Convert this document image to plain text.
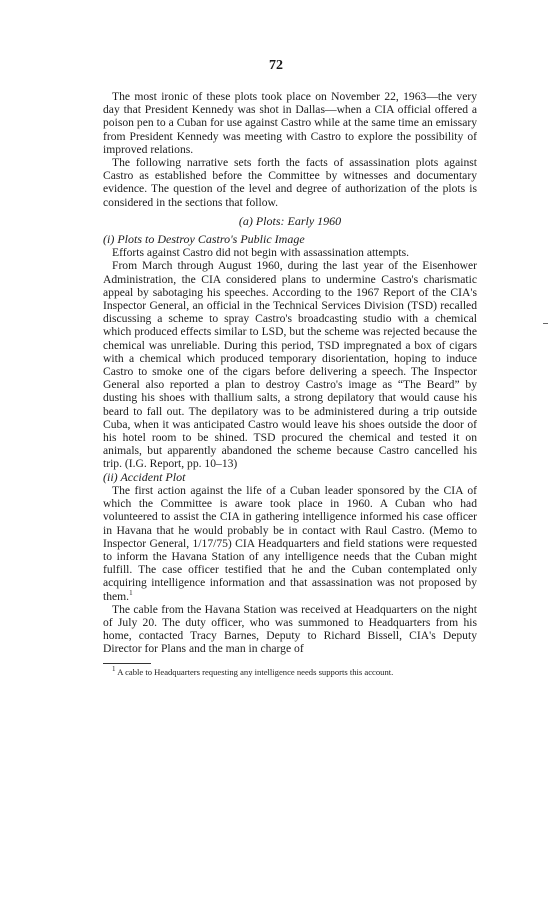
72

The most ironic of these plots took place on November 22, 1963—the very day that President Kennedy was shot in Dallas—when a CIA official offered a poison pen to a Cuban for use against Castro while at the same time an emissary from President Kennedy was meeting with Castro to explore the possibility of improved relations.

The following narrative sets forth the facts of assassination plots against Castro as established before the Committee by witnesses and documentary evidence. The question of the level and degree of authorization of the plots is considered in the sections that follow.

(a) Plots: Early 1960

(i) Plots to Destroy Castro's Public Image

Efforts against Castro did not begin with assassination attempts.

From March through August 1960, during the last year of the Eisenhower Administration, the CIA considered plans to undermine Castro's charismatic appeal by sabotaging his speeches. According to the 1967 Report of the CIA's Inspector General, an official in the Technical Services Division (TSD) recalled discussing a scheme to spray Castro's broadcasting studio with a chemical which produced effects similar to LSD, but the scheme was rejected because the chemical was unreliable. During this period, TSD impregnated a box of cigars with a chemical which produced temporary disorientation, hoping to induce Castro to smoke one of the cigars before delivering a speech. The Inspector General also reported a plan to destroy Castro's image as “The Beard” by dusting his shoes with thallium salts, a strong depilatory that would cause his beard to fall out. The depilatory was to be administered during a trip outside Cuba, when it was anticipated Castro would leave his shoes outside the door of his hotel room to be shined. TSD procured the chemical and tested it on animals, but apparently abandoned the scheme because Castro cancelled his trip. (I.G. Report, pp. 10–13)

(ii) Accident Plot

The first action against the life of a Cuban leader sponsored by the CIA of which the Committee is aware took place in 1960. A Cuban who had volunteered to assist the CIA in gathering intelligence informed his case officer in Havana that he would probably be in contact with Raul Castro. (Memo to Inspector General, 1/17/75) CIA Headquarters and field stations were requested to inform the Havana Station of any intelligence needs that the Cuban might fulfill. The case officer testified that he and the Cuban contemplated only acquiring intelligence information and that assassination was not proposed by them.$^1$

The cable from the Havana Station was received at Headquarters on the night of July 20. The duty officer, who was summoned to Headquarters from his home, contacted Tracy Barnes, Deputy to Richard Bissell, CIA's Deputy Director for Plans and the man in charge of

$^1$ A cable to Headquarters requesting any intelligence needs supports this account.
